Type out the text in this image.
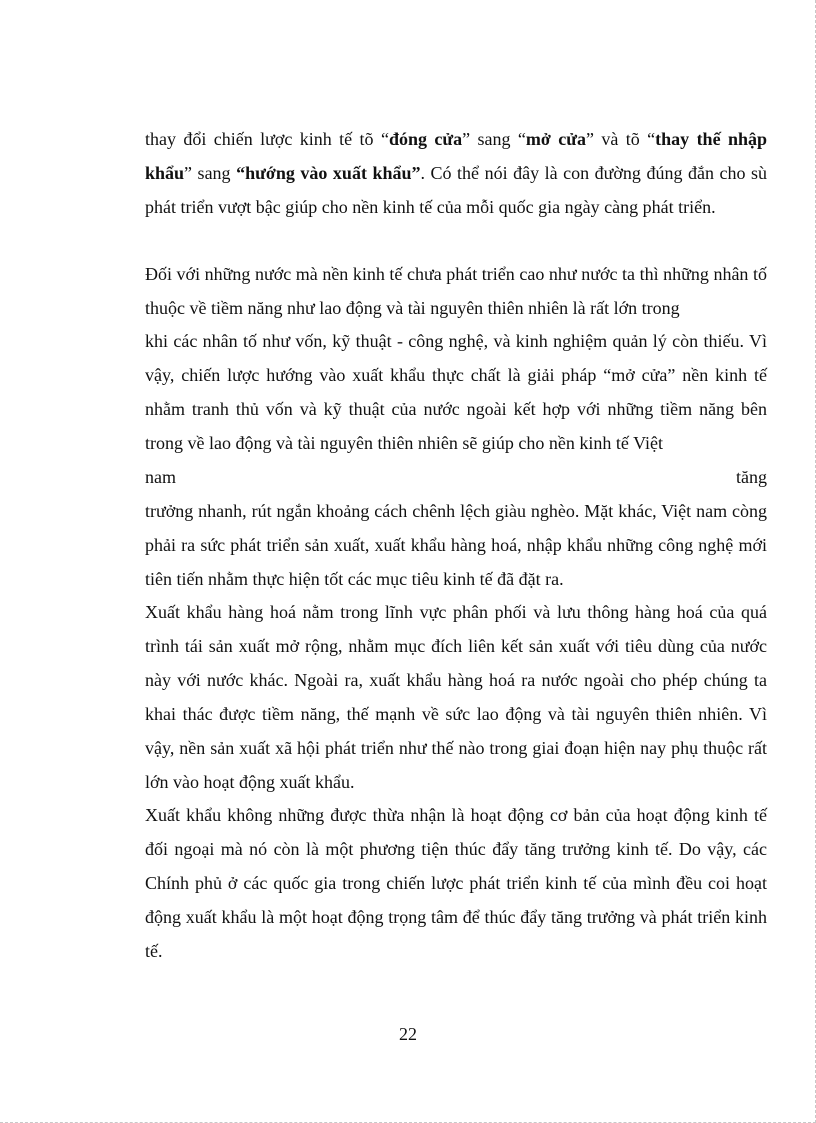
thay đổi chiến lược kinh tế tõ “đóng cửa” sang “mở cửa” và tõ “thay thế nhập khẩu” sang “hướng vào xuất khẩu”. Có thể nói đây là con đường đúng đắn cho sù phát triển vượt bậc giúp cho nền kinh tế của mỗi quốc gia ngày càng phát triển.

Đối với những nước mà nền kinh tế chưa phát triển cao như nước ta thì những nhân tố thuộc về tiềm năng như lao động và tài nguyên thiên nhiên là rất lớn trong

khi các nhân tố như vốn, kỹ thuật - công nghệ, và kinh nghiệm quản lý còn thiếu. Vì vậy, chiến lược hướng vào xuất khẩu thực chất là giải pháp “mở cửa” nền kinh tế nhằm tranh thủ vốn và kỹ thuật của nước ngoài kết hợp với những tiềm năng bên trong về lao động và tài nguyên thiên nhiên sẽ giúp cho nền kinh tế Việt

nam	tăng

trưởng nhanh, rút ngắn khoảng cách chênh lệch giàu nghèo. Mặt khác, Việt nam còng phải ra sức phát triển sản xuất, xuất khẩu hàng hoá, nhập khẩu những công nghệ mới tiên tiến nhằm thực hiện tốt các mục tiêu kinh tế đã đặt ra.

Xuất khẩu hàng hoá nằm trong lĩnh vực phân phối và lưu thông hàng hoá của quá trình tái sản xuất mở rộng, nhằm mục đích liên kết sản xuất với tiêu dùng của nước này với nước khác. Ngoài ra, xuất khẩu hàng hoá ra nước ngoài cho phép chúng ta khai thác được tiềm năng, thế mạnh về sức lao động và tài nguyên thiên nhiên. Vì vậy, nền sản xuất xã hội phát triển như thế nào trong giai đoạn hiện nay phụ thuộc rất lớn vào hoạt động xuất khẩu.

Xuất khẩu không những được thừa nhận là hoạt động cơ bản của hoạt động kinh tế đối ngoại mà nó còn là một phương tiện thúc đẩy tăng trưởng kinh tế. Do vậy, các Chính phủ ở các quốc gia trong chiến lược phát triển kinh tế của mình đều coi hoạt động xuất khẩu là một hoạt động trọng tâm để thúc đẩy tăng trưởng và phát triển kinh tế.

22
